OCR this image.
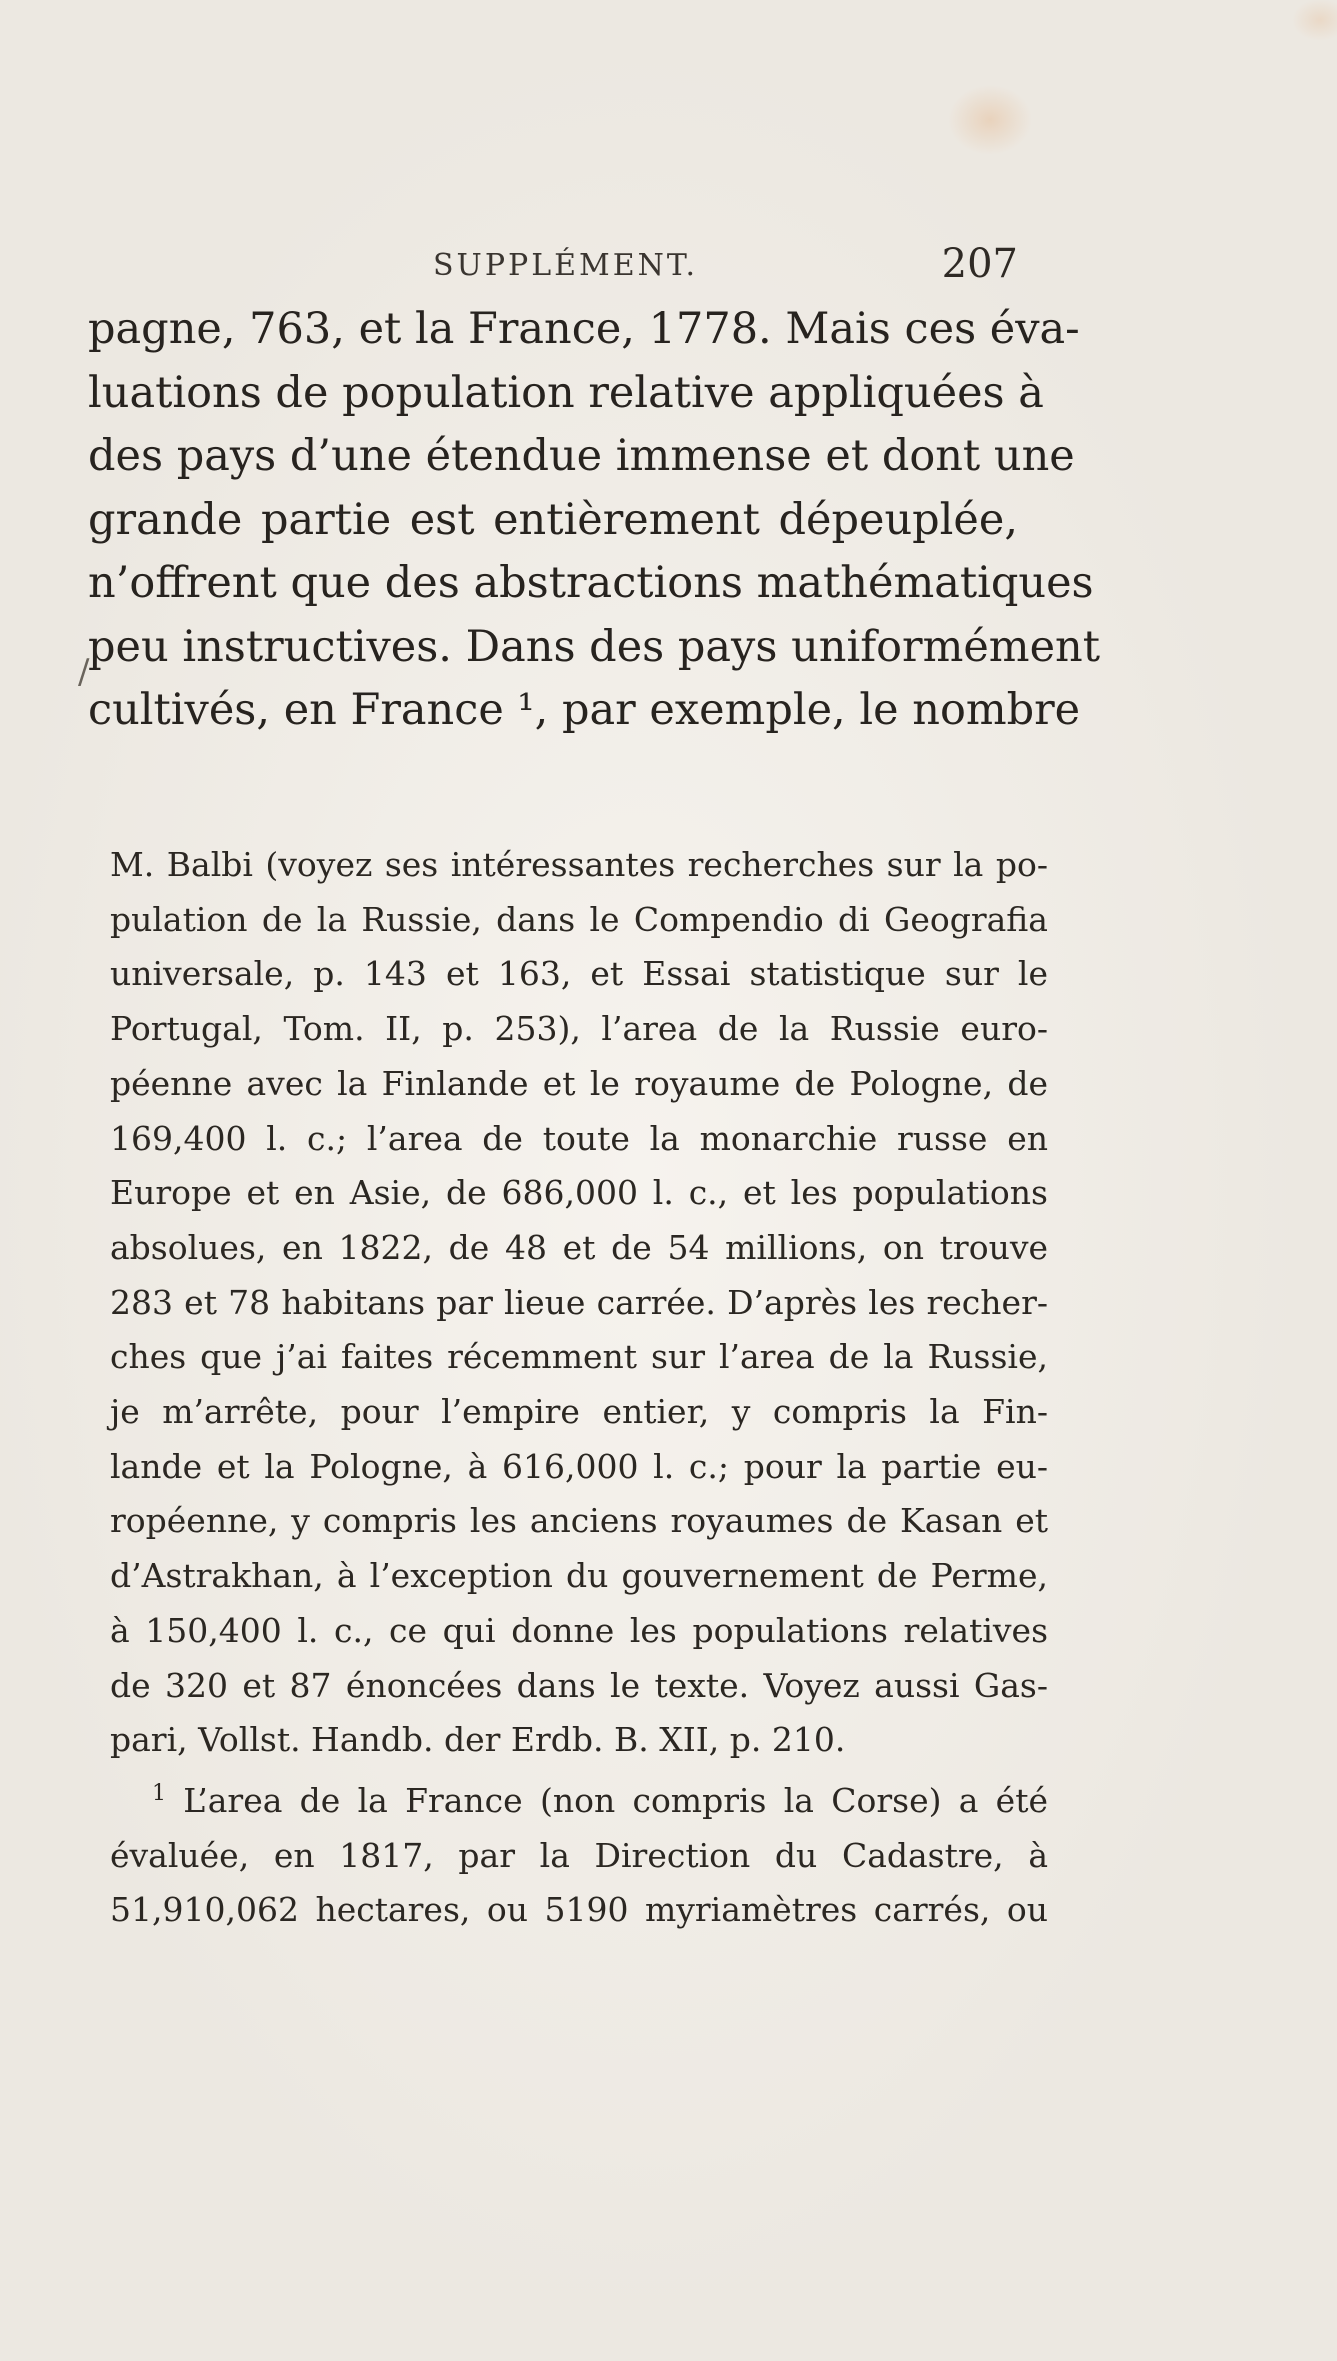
SUPPLÉMENT.	207
/
pagne, 763, et la France, 1778. Mais ces éva-
luations de population relative appliquées à
des pays d’une étendue immense et dont une
grande partie est entièrement dépeuplée,
n’offrent que des abstractions mathématiques
peu instructives. Dans des pays uniformément
cultivés, en France ¹, par exemple, le nombre
M. Balbi (voyez ses intéressantes recherches sur la po-
pulation de la Russie, dans le Compendio di Geografia
universale, p. 143 et 163, et Essai statistique sur le
Portugal, Tom. II, p. 253), l’area de la Russie euro-
péenne avec la Finlande et le royaume de Pologne, de
169,400 l. c.; l’area de toute la monarchie russe en
Europe et en Asie, de 686,000 l. c., et les populations
absolues, en 1822, de 48 et de 54 millions, on trouve
283 et 78 habitans par lieue carrée. D’après les recher-
ches que j’ai faites récemment sur l’area de la Russie,
je m’arrête, pour l’empire entier, y compris la Fin-
lande et la Pologne, à 616,000 l. c.; pour la partie eu-
ropéenne, y compris les anciens royaumes de Kasan et
d’Astrakhan, à l’exception du gouvernement de Perme,
à 150,400 l. c., ce qui donne les populations relatives
de 320 et 87 énoncées dans le texte. Voyez aussi Gas-
pari, Vollst. Handb. der Erdb. B. XII, p. 210.
$^1$ L’area de la France (non compris la Corse) a été
évaluée, en 1817, par la Direction du Cadastre, à
51,910,062 hectares, ou 5190 myriamètres carrés, ou
